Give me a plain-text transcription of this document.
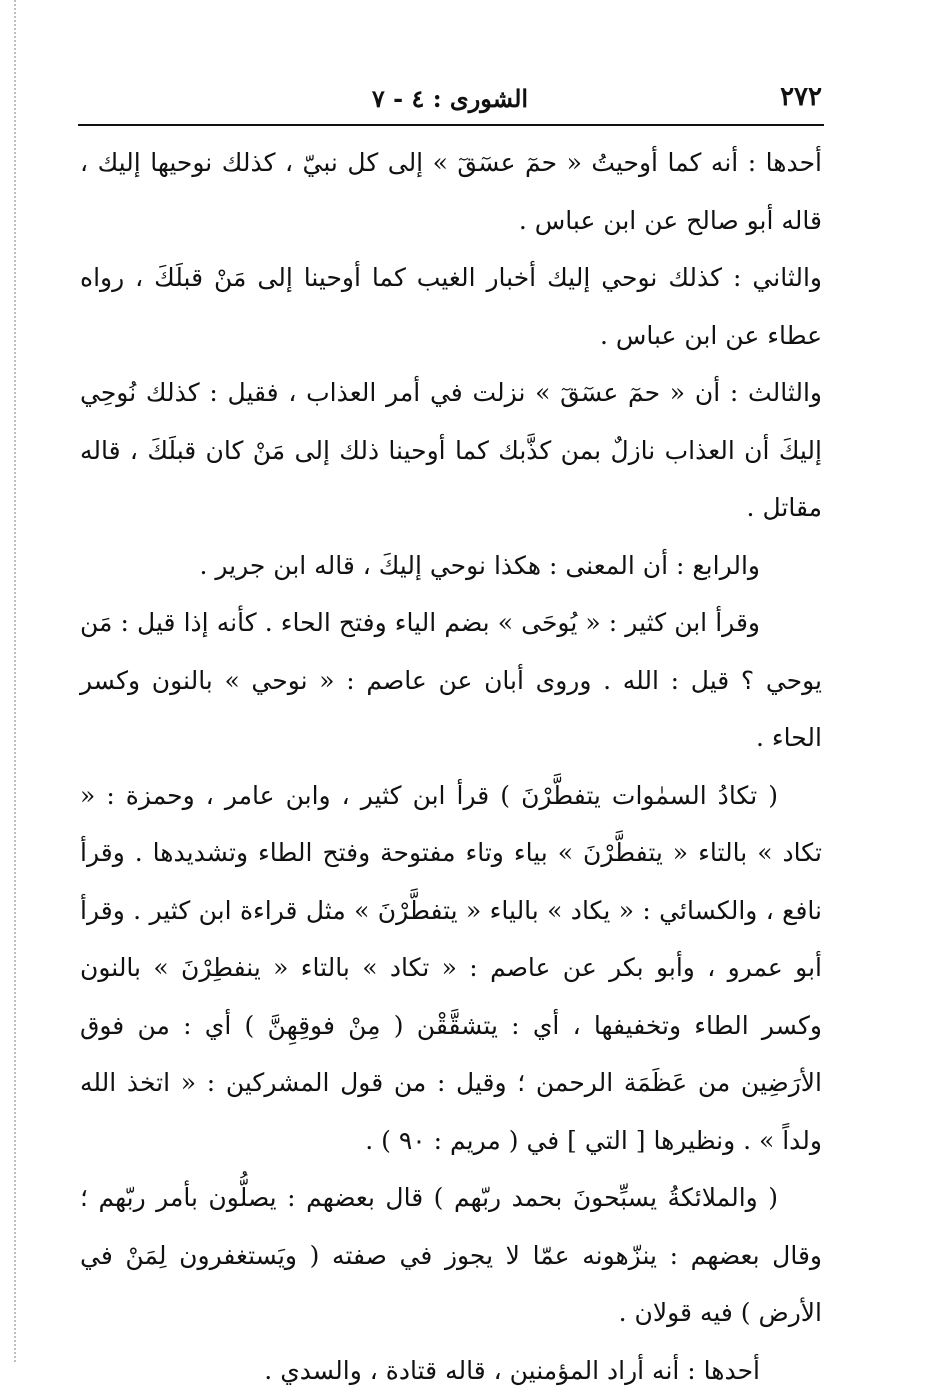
٢٧٢
الشورى : ٤ - ٧

أحدها : أنه كما أوحيتُ « حمٓ عسٓقٓ » إلى كل نبيّ ، كذلك نوحيها إليك ، قاله أبو صالح عن ابن عباس .

والثاني : كذلك نوحي إليك أخبار الغيب كما أوحينا إلى مَنْ قبلَكَ ، رواه عطاء عن ابن عباس .

والثالث : أن « حمٓ عسٓقٓ » نزلت في أمر العذاب ، فقيل : كذلك نُوحِي إليكَ أن العذاب نازلٌ بمن كذَّبك كما أوحينا ذلك إلى مَنْ كان قبلَكَ ، قاله مقاتل .

والرابع : أن المعنى : هكذا نوحي إليكَ ، قاله ابن جرير .

وقرأ ابن كثير : « يُوحَى » بضم الياء وفتح الحاء . كأنه إذا قيل : مَن يوحي ؟ قيل : الله . وروى أبان عن عاصم : « نوحي » بالنون وكسر الحاء .

( تكادُ السمٰوات يتفطَّرْنَ ) قرأ ابن كثير ، وابن عامر ، وحمزة : « تكاد » بالتاء « يتفطَّرْنَ » بياء وتاء مفتوحة وفتح الطاء وتشديدها . وقرأ نافع ، والكسائي : « يكاد » بالياء « يتفطَّرْنَ » مثل قراءة ابن كثير . وقرأ أبو عمرو ، وأبو بكر عن عاصم : « تكاد » بالتاء « ينفطِرْنَ » بالنون وكسر الطاء وتخفيفها ، أي : يتشقَّقْن ( مِنْ فوقِهِنَّ ) أي : من فوق الأرَضِين من عَظَمَة الرحمن ؛ وقيل : من قول المشركين : « اتخذ الله ولداً » . ونظيرها [ التي ] في ( مريم : ٩٠ ) .

( والملائكةُ يسبِّحونَ بحمد ربّهم ) قال بعضهم : يصلُّون بأمر ربّهم ؛ وقال بعضهم : ينزّهونه عمّا لا يجوز في صفته ( ويَستغفرون لِمَنْ في الأرض ) فيه قولان .

أحدها : أنه أراد المؤمنين ، قاله قتادة ، والسدي .
